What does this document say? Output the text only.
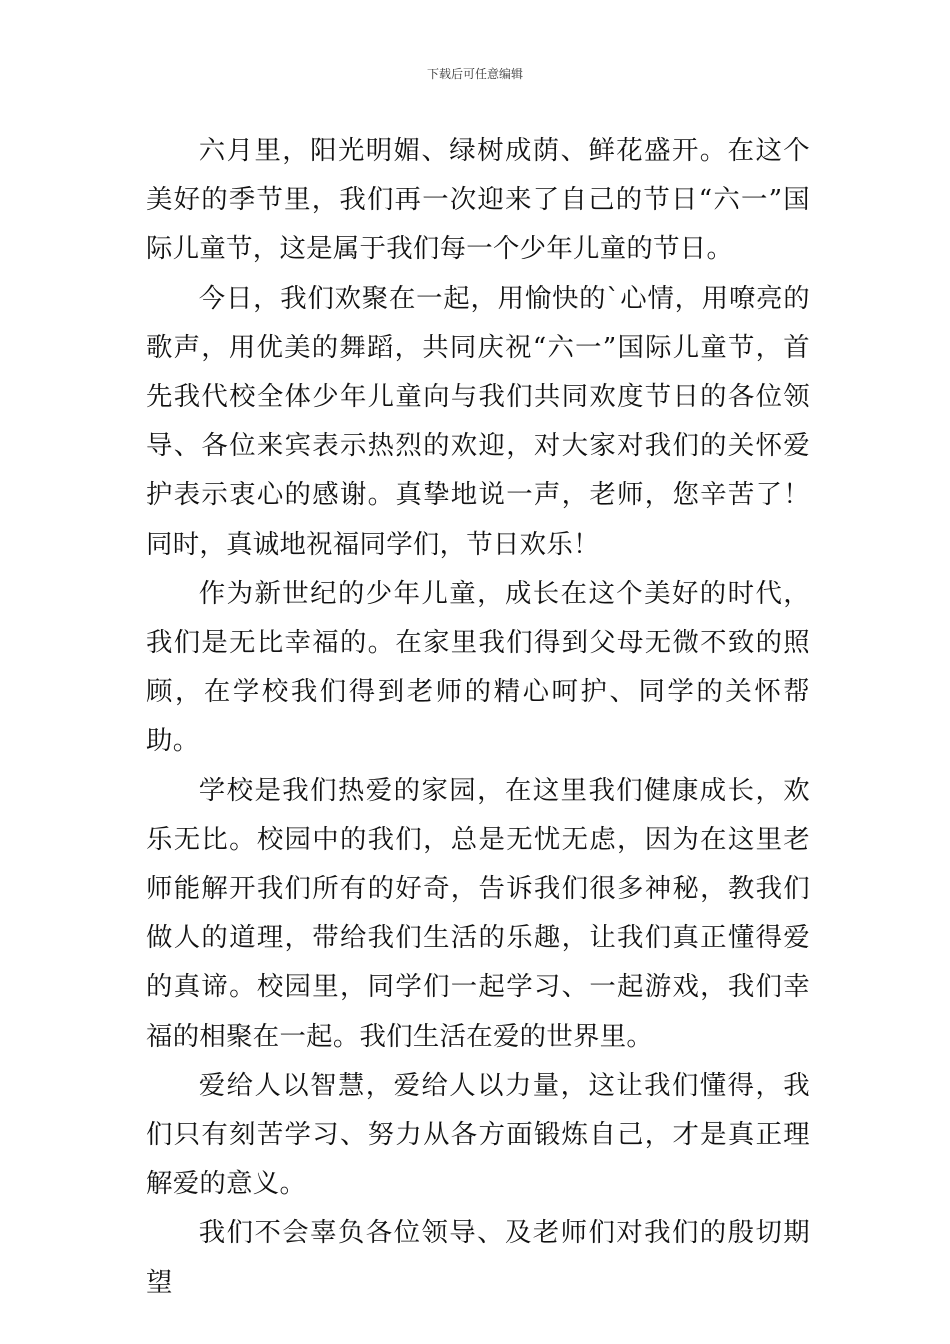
下载后可任意编辑

六月里，阳光明媚、绿树成荫、鲜花盛开。在这个美好的季节里，我们再一次迎来了自己的节日“六一”国际儿童节，这是属于我们每一个少年儿童的节日。

今日，我们欢聚在一起，用愉快的`心情，用嘹亮的歌声，用优美的舞蹈，共同庆祝“六一”国际儿童节，首先我代校全体少年儿童向与我们共同欢度节日的各位领导、各位来宾表示热烈的欢迎，对大家对我们的关怀爱护表示衷心的感谢。真挚地说一声，老师，您辛苦了！同时，真诚地祝福同学们，节日欢乐！

作为新世纪的少年儿童，成长在这个美好的时代，我们是无比幸福的。在家里我们得到父母无微不致的照顾，在学校我们得到老师的精心呵护、同学的关怀帮助。

学校是我们热爱的家园，在这里我们健康成长，欢乐无比。校园中的我们，总是无忧无虑，因为在这里老师能解开我们所有的好奇，告诉我们很多神秘，教我们做人的道理，带给我们生活的乐趣，让我们真正懂得爱的真谛。校园里，同学们一起学习、一起游戏，我们幸福的相聚在一起。我们生活在爱的世界里。

爱给人以智慧，爱给人以力量，这让我们懂得，我们只有刻苦学习、努力从各方面锻炼自己，才是真正理解爱的意义。

我们不会辜负各位领导、及老师们对我们的殷切期望
